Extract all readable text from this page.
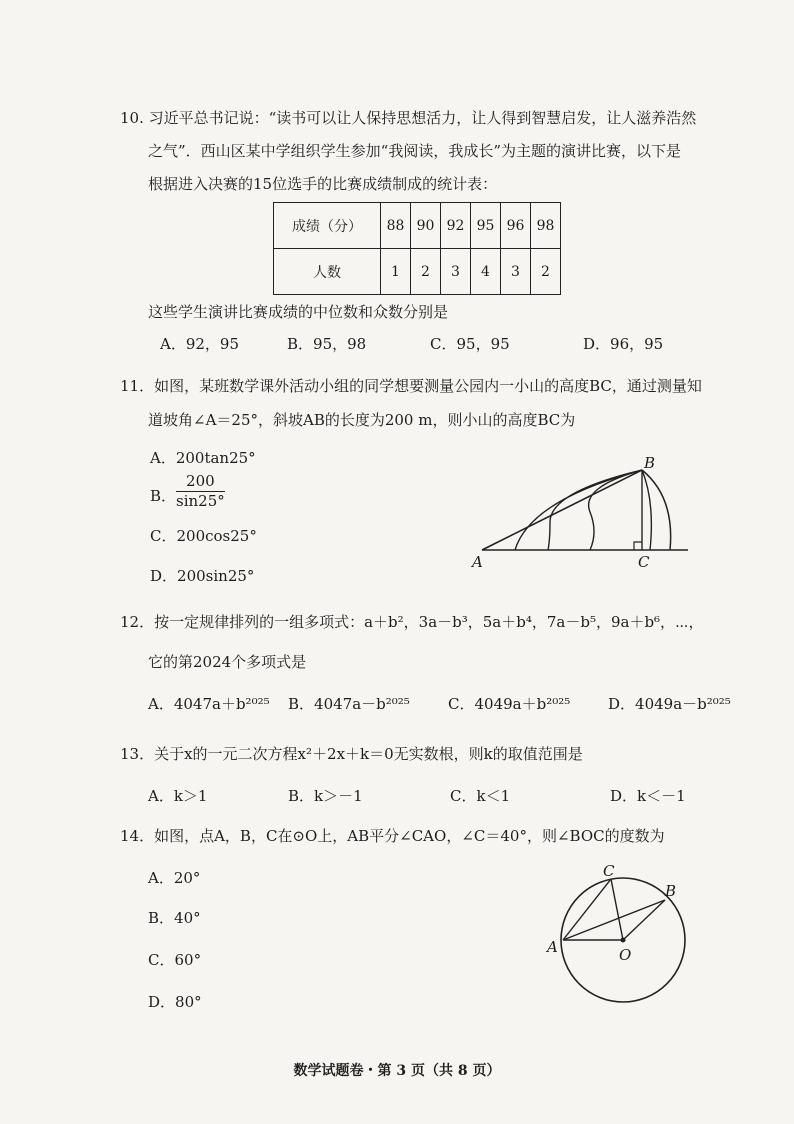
10. 习近平总书记说：“读书可以让人保持思想活力，让人得到智慧启发，让人滋养浩然
之气”．西山区某中学组织学生参加“我阅读，我成长”为主题的演讲比赛，以下是
根据进入决赛的15位选手的比赛成绩制成的统计表：
成绩（分）	88	90	92	95	96	98
人数	1	2	3	4	3	2
这些学生演讲比赛成绩的中位数和众数分别是
A．92，95	B．95，98	C．95，95	D．96，95
11．如图，某班数学课外活动小组的同学想要测量公园内一小山的高度BC，通过测量知
道坡角∠A＝25°，斜坡AB的长度为200 m，则小山的高度BC为
A．200tan25°
B． $\frac{200}{\sin 25^\circ}$
C．200cos25°
D．200sin25°
A
B
C
12．按一定规律排列的一组多项式：a＋b²，3a－b³，5a＋b⁴，7a－b⁵，9a＋b⁶，⋯，
它的第2024个多项式是
A．4047a＋b²⁰²⁵ B．4047a－b²⁰²⁵	C．4049a＋b²⁰²⁵	D．4049a－b²⁰²⁵
13．关于x的一元二次方程x²＋2x＋k＝0无实数根，则k的取值范围是
A．k＞1	B．k＞－1	C．k＜1	D．k＜－1
14．如图，点A，B，C在⊙O上，AB平分∠CAO，∠C＝40°，则∠BOC的度数为
A．20°
B．40°
C．60°
D．80°
A
B
C
O
数学试题卷・第 3 页（共 8 页）
